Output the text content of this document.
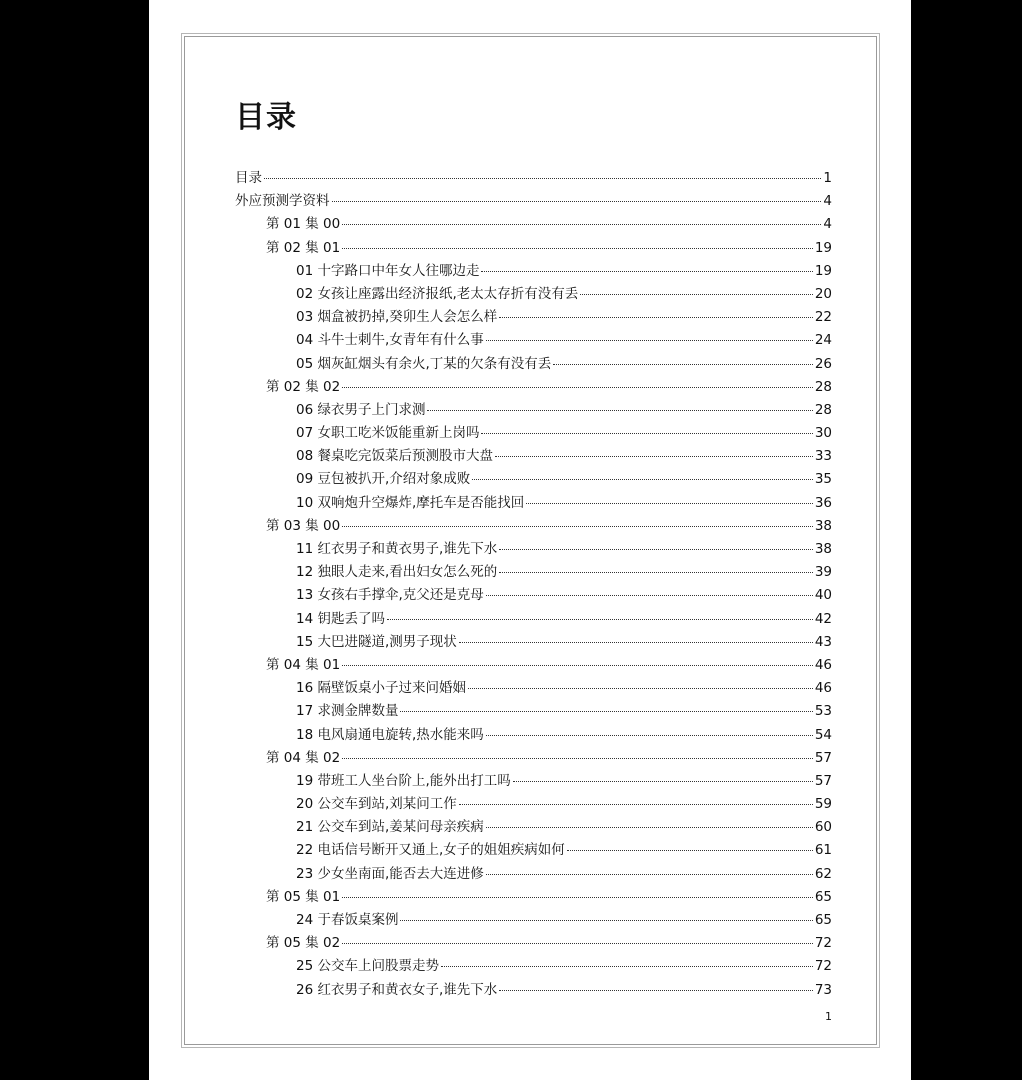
目录
目录	1
外应预测学资料	4
第 01 集 00	4
第 02 集 01	19
01 十字路口中年女人往哪边走	19
02 女孩让座露出经济报纸,老太太存折有没有丢	20
03 烟盒被扔掉,癸卯生人会怎么样	22
04 斗牛士刺牛,女青年有什么事	24
05 烟灰缸烟头有余火,丁某的欠条有没有丢	26
第 02 集 02	28
06 绿衣男子上门求测	28
07 女职工吃米饭能重新上岗吗	30
08 餐桌吃完饭菜后预测股市大盘	33
09 豆包被扒开,介绍对象成败	35
10 双响炮升空爆炸,摩托车是否能找回	36
第 03 集 00	38
11 红衣男子和黄衣男子,谁先下水	38
12 独眼人走来,看出妇女怎么死的	39
13 女孩右手撑伞,克父还是克母	40
14 钥匙丢了吗	42
15 大巴进隧道,测男子现状	43
第 04 集 01	46
16 隔壁饭桌小子过来问婚姻	46
17 求测金牌数量	53
18 电风扇通电旋转,热水能来吗	54
第 04 集 02	57
19 带班工人坐台阶上,能外出打工吗	57
20 公交车到站,刘某问工作	59
21 公交车到站,姜某问母亲疾病	60
22 电话信号断开又通上,女子的姐姐疾病如何	61
23 少女坐南面,能否去大连进修	62
第 05 集 01	65
24 于春饭桌案例	65
第 05 集 02	72
25 公交车上问股票走势	72
26 红衣男子和黄衣女子,谁先下水	73
1
